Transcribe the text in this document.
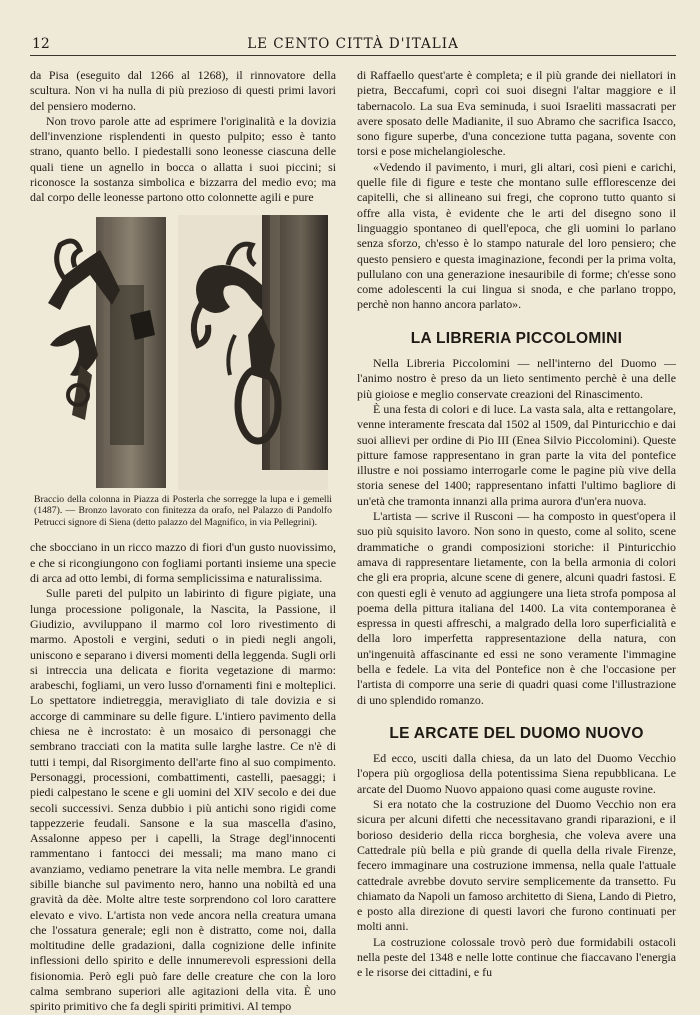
12	LE CENTO CITTÀ D'ITALIA

da Pisa (eseguito dal 1266 al 1268), il rinnovatore della scultura. Non vi ha nulla di più prezioso di questi primi lavori del pensiero moderno.

Non trovo parole atte ad esprimere l'originalità e la dovizia dell'invenzione risplendenti in questo pulpito; esso è tanto strano, quanto bello. I piedestalli sono leonesse ciascuna delle quali tiene un agnello in bocca o allatta i suoi piccini; si riconosce la sostanza simbolica e bizzarra del medio evo; ma dal corpo delle leonesse partono otto colonnette agili e pure

Braccio della colonna in Piazza di Posterla che sorregge la lupa e i gemelli (1487). — Bronzo lavorato con finitezza da orafo, nel Palazzo di Pandolfo Petrucci signore di Siena (detto palazzo del Magnifico, in via Pellegrini).

che sbocciano in un ricco mazzo di fiori d'un gusto nuovissimo, e che si ricongiungono con fogliami portanti insieme una specie di arca ad otto lembi, di forma semplicissima e naturalissima.

Sulle pareti del pulpito un labirinto di figure pigiate, una lunga processione poligonale, la Nascita, la Passione, il Giudizio, avviluppano il marmo col loro rivestimento di marmo. Apostoli e vergini, seduti o in piedi negli angoli, uniscono e separano i diversi momenti della leggenda. Sugli orli si intreccia una delicata e fiorita vegetazione di marmo: arabeschi, fogliami, un vero lusso d'ornamenti fini e molteplici. Lo spettatore indietreggia, meravigliato di tale dovizia e si accorge di camminare su delle figure. L'intiero pavimento della chiesa ne è incrostato: è un mosaico di personaggi che sembrano tracciati con la matita sulle larghe lastre. Ce n'è di tutti i tempi, dal Risorgimento dell'arte fino al suo compimento. Personaggi, processioni, combattimenti, castelli, paesaggi; i piedi calpestano le scene e gli uomini del XIV secolo e dei due secoli successivi. Senza dubbio i più antichi sono rigidi come tappezzerie feudali. Sansone e la sua mascella d'asino, Assalonne appeso per i capelli, la Strage degl'innocenti rammentano i fantocci dei messali; ma mano mano ci avanziamo, vediamo penetrare la vita nelle membra. Le grandi sibille bianche sul pavimento nero, hanno una nobiltà ed una gravità da dèe. Molte altre teste sorprendono col loro carattere elevato e vivo. L'artista non vede ancora nella creatura umana che l'ossatura generale; egli non è distratto, come noi, dalla moltitudine delle gradazioni, dalla cognizione delle infinite inflessioni dello spirito e delle innumerevoli espressioni della fisionomia. Però egli può fare delle creature che con la loro calma sembrano superiori alle agitazioni della vita. È uno spirito primitivo che fa degli spiriti primitivi. Al tempo

di Raffaello quest'arte è completa; e il più grande dei niellatori in pietra, Beccafumi, coprì coi suoi disegni l'altar maggiore e il tabernacolo. La sua Eva seminuda, i suoi Israeliti massacrati per avere sposato delle Madianite, il suo Abramo che sacrifica Isacco, sono figure superbe, d'una concezione tutta pagana, sovente con torsi e pose michelangiolesche.

«Vedendo il pavimento, i muri, gli altari, così pieni e carichi, quelle file di figure e teste che montano sulle efflorescenze dei capitelli, che si allineano sui fregi, che coprono tutto quanto si offre alla vista, è evidente che le arti del disegno sono il linguaggio spontaneo di quell'epoca, che gli uomini lo parlano senza sforzo, ch'esso è lo stampo naturale del loro pensiero; che questo pensiero e questa imaginazione, fecondi per la prima volta, pullulano con una generazione inesauribile di forme; ch'esse sono come adolescenti la cui lingua si snoda, e che parlano troppo, perchè non hanno ancora parlato».

LA LIBRERIA PICCOLOMINI

Nella Libreria Piccolomini — nell'interno del Duomo — l'animo nostro è preso da un lieto sentimento perchè è una delle più gioiose e meglio conservate creazioni del Rinascimento.

È una festa di colori e di luce. La vasta sala, alta e rettangolare, venne interamente frescata dal 1502 al 1509, dal Pinturicchio e dai suoi allievi per ordine di Pio III (Enea Silvio Piccolomini). Queste pitture famose rappresentano in gran parte la vita del pontefice illustre e noi possiamo interrogarle come le pagine più vive della storia senese del 1400; rappresentano infatti l'ultimo bagliore di un'età che tramonta innanzi alla prima aurora d'un'era nuova.

L'artista — scrive il Rusconi — ha composto in quest'opera il suo più squisito lavoro. Non sono in questo, come al solito, scene drammatiche o grandi composizioni storiche: il Pinturicchio amava di rappresentare lietamente, con la bella armonia di colori che gli era propria, alcune scene di genere, alcuni quadri fastosi. E con questi egli è venuto ad aggiungere una lieta strofa pomposa al poema della pittura italiana del 1400. La vita contemporanea è espressa in questi affreschi, a malgrado della loro superficialità e della loro imperfetta rappresentazione della natura, con un'ingenuità affascinante ed essi ne sono veramente l'immagine bella e fedele. La vita del Pontefice non è che l'occasione per l'artista di comporre una serie di quadri quasi come l'illustrazione di uno splendido romanzo.

LE ARCATE DEL DUOMO NUOVO

Ed ecco, usciti dalla chiesa, da un lato del Duomo Vecchio l'opera più orgogliosa della potentissima Siena repubblicana. Le arcate del Duomo Nuovo appaiono quasi come auguste rovine.

Si era notato che la costruzione del Duomo Vecchio non era sicura per alcuni difetti che necessitavano grandi riparazioni, e il borioso desiderio della ricca borghesia, che voleva avere una Cattedrale più bella e più grande di quella della rivale Firenze, fecero immaginare una costruzione immensa, nella quale l'attuale cattedrale avrebbe dovuto servire semplicemente da transetto. Fu chiamato da Napoli un famoso architetto di Siena, Lando di Pietro, e posto alla direzione di questi lavori che furono continuati per molti anni.

La costruzione colossale trovò però due formidabili ostacoli nella peste del 1348 e nelle lotte continue che fiaccavano l'energia e le risorse dei cittadini, e fu
